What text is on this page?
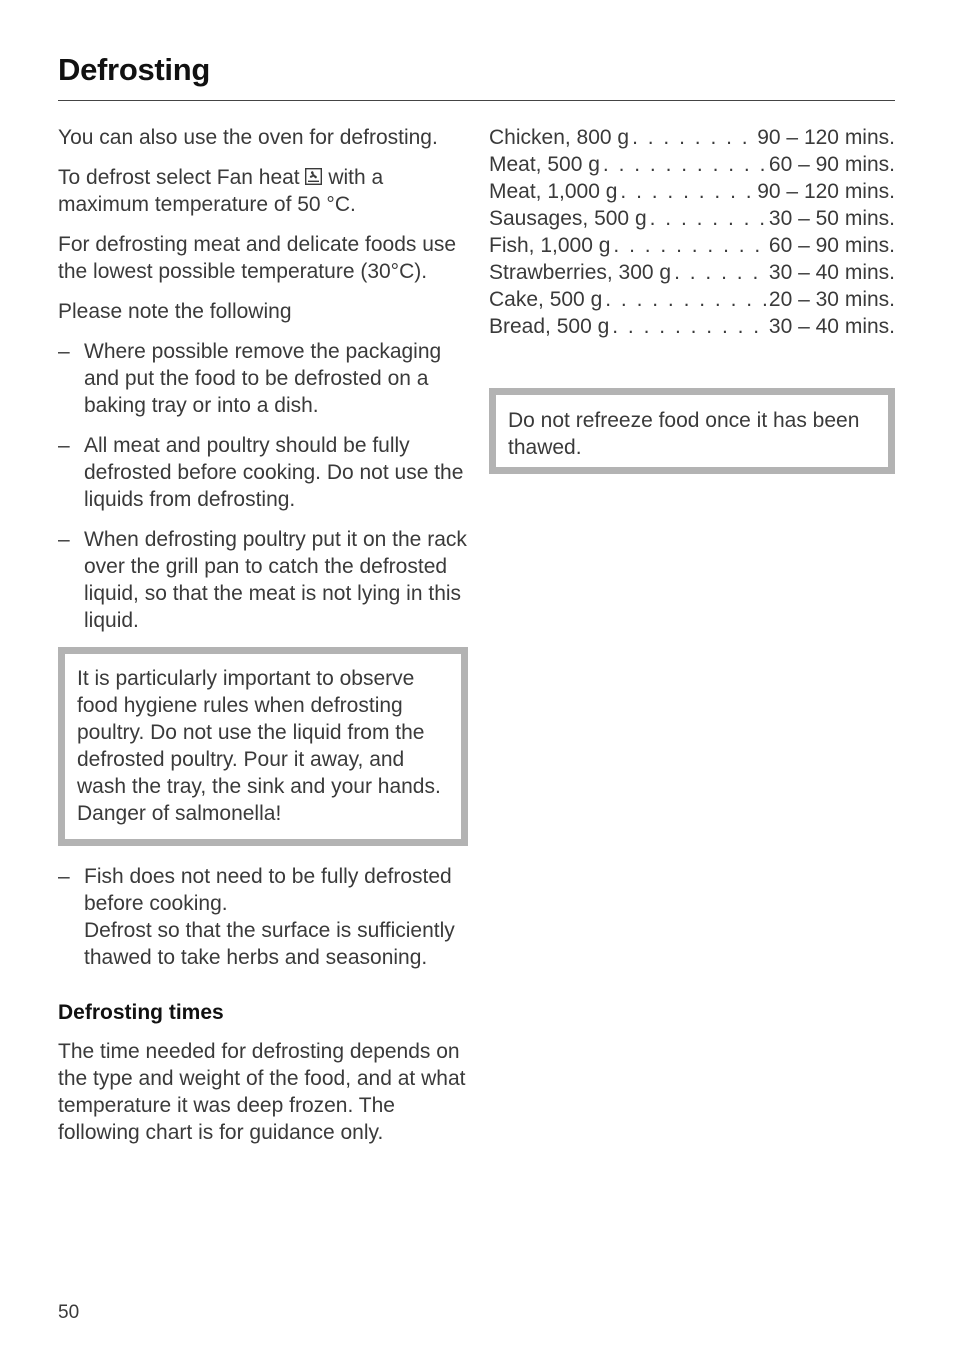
Defrosting

You can also use the oven for defrosting.

To defrost select Fan heat with a maximum temperature of 50 °C.

For defrosting meat and delicate foods use the lowest possible temperature (30°C).

Please note the following

– Where possible remove the packaging and put the food to be defrosted on a baking tray or into a dish.
– All meat and poultry should be fully defrosted before cooking. Do not use the liquids from defrosting.
– When defrosting poultry put it on the rack over the grill pan to catch the defrosted liquid, so that the meat is not lying in this liquid.

It is particularly important to observe food hygiene rules when defrosting poultry. Do not use the liquid from the defrosted poultry. Pour it away, and wash the tray, the sink and your hands. Danger of salmonella!

– Fish does not need to be fully defrosted before cooking.
Defrost so that the surface is sufficiently thawed to take herbs and seasoning.

Defrosting times

The time needed for defrosting depends on the type and weight of the food, and at what temperature it was deep frozen. The following chart is for guidance only.

Chicken, 800 g . . .	90 – 120 mins.
Meat, 500 g . . .	60 – 90 mins.
Meat, 1,000 g . . .	90 – 120 mins.
Sausages, 500 g . . .	30 – 50 mins.
Fish, 1,000 g . . .	60 – 90 mins.
Strawberries, 300 g . . .	30 – 40 mins.
Cake, 500 g . . .	20 – 30 mins.
Bread, 500 g . . .	30 – 40 mins.

Do not refreeze food once it has been thawed.

50
